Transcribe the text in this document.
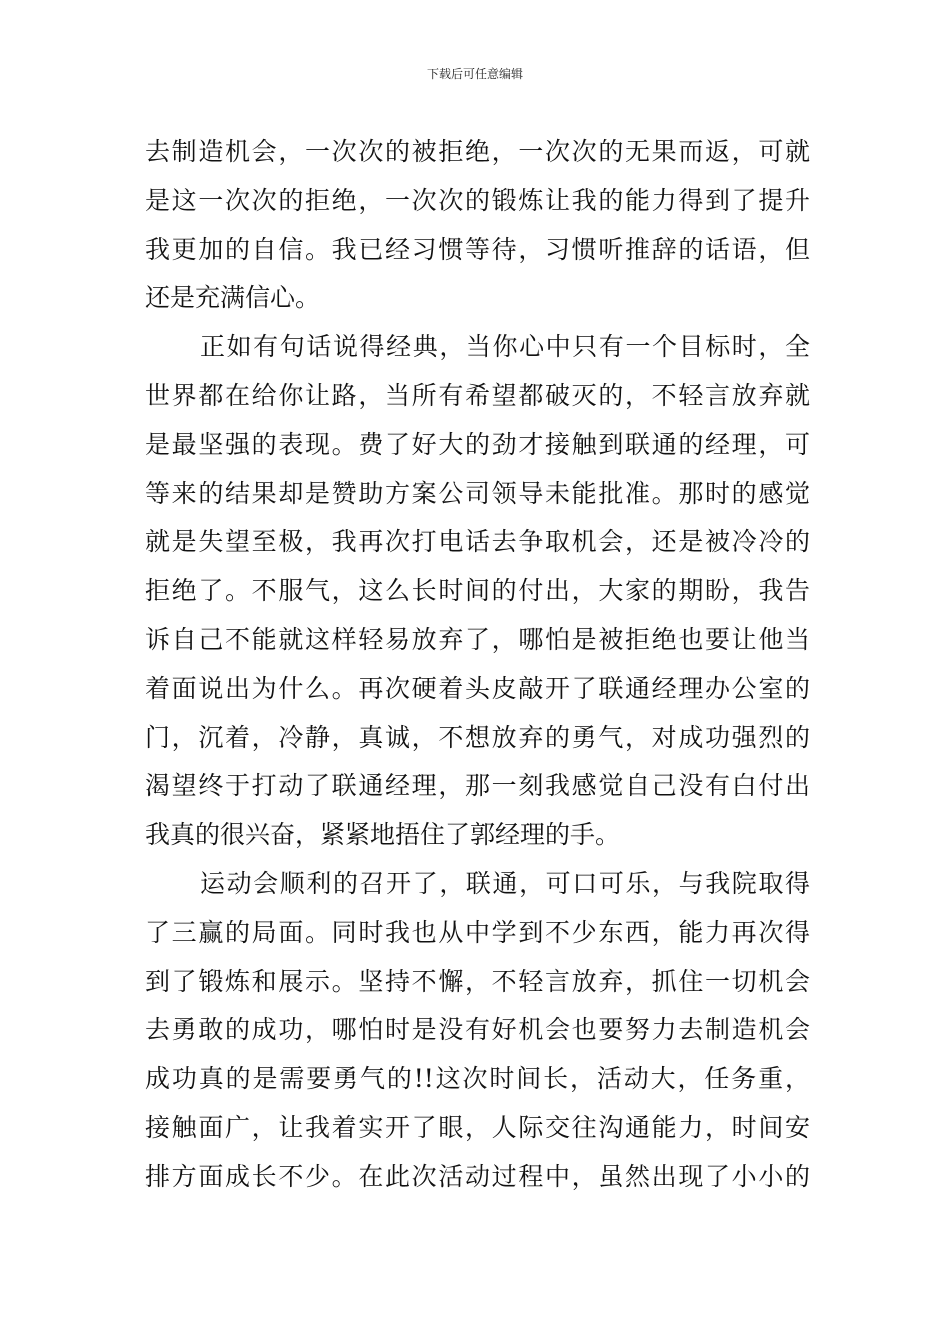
下载后可任意编辑
去制造机会，一次次的被拒绝，一次次的无果而返，可就
是这一次次的拒绝，一次次的锻炼让我的能力得到了提升
我更加的自信。我已经习惯等待，习惯听推辞的话语，但
还是充满信心。
正如有句话说得经典，当你心中只有一个目标时，全
世界都在给你让路，当所有希望都破灭的，不轻言放弃就
是最坚强的表现。费了好大的劲才接触到联通的经理，可
等来的结果却是赞助方案公司领导未能批准。那时的感觉
就是失望至极，我再次打电话去争取机会，还是被冷冷的
拒绝了。不服气，这么长时间的付出，大家的期盼，我告
诉自己不能就这样轻易放弃了，哪怕是被拒绝也要让他当
着面说出为什么。再次硬着头皮敲开了联通经理办公室的
门，沉着，冷静，真诚，不想放弃的勇气，对成功强烈的
渴望终于打动了联通经理，那一刻我感觉自己没有白付出
我真的很兴奋，紧紧地捂住了郭经理的手。
运动会顺利的召开了，联通，可口可乐，与我院取得
了三赢的局面。同时我也从中学到不少东西，能力再次得
到了锻炼和展示。坚持不懈，不轻言放弃，抓住一切机会
去勇敢的成功，哪怕时是没有好机会也要努力去制造机会
成功真的是需要勇气的!!这次时间长，活动大，任务重，
接触面广，让我着实开了眼，人际交往沟通能力，时间安
排方面成长不少。在此次活动过程中，虽然出现了小小的
